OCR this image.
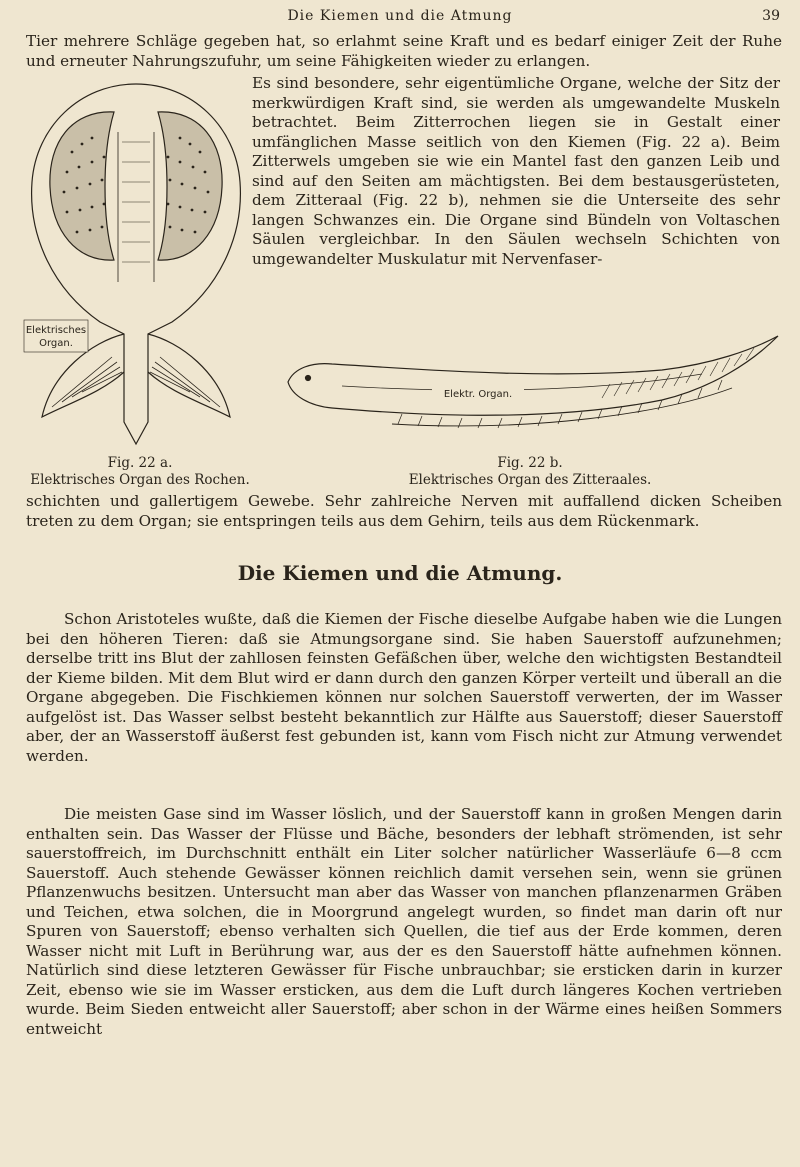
Die Kiemen und die Atmung	39

Tier mehrere Schläge gegeben hat, so erlahmt seine Kraft und es bedarf einiger Zeit der Ruhe und erneuter Nahrungszufuhr, um seine Fähigkeiten wieder zu erlangen.

Es sind besondere, sehr eigentümliche Organe, welche der Sitz der merkwürdigen Kraft sind, sie werden als umgewandelte Muskeln betrachtet. Beim Zitterrochen liegen sie in Gestalt einer umfänglichen Masse seitlich von den Kiemen (Fig. 22 a). Beim Zitterwels umgeben sie wie ein Mantel fast den ganzen Leib und sind auf den Seiten am mächtigsten. Bei dem bestausgerüsteten, dem Zitteraal (Fig. 22 b), nehmen sie die Unterseite des sehr langen Schwanzes ein. Die Organe sind Bündeln von Voltaschen Säulen vergleichbar. In den Säulen wechseln Schichten von umgewandelter Muskulatur mit Nervenfaser-

Elektrisches
Organ.
Elektr. Organ.
Fig. 22 a.
Elektrisches Organ des Rochen.
Fig. 22 b.
Elektrisches Organ des Zitteraales.

schichten und gallertigem Gewebe. Sehr zahlreiche Nerven mit auffallend dicken Scheiben treten zu dem Organ; sie entspringen teils aus dem Gehirn, teils aus dem Rückenmark.

Die Kiemen und die Atmung.

Schon Aristoteles wußte, daß die Kiemen der Fische dieselbe Aufgabe haben wie die Lungen bei den höheren Tieren: daß sie Atmungsorgane sind. Sie haben Sauerstoff aufzunehmen; derselbe tritt ins Blut der zahllosen feinsten Gefäßchen über, welche den wichtigsten Bestandteil der Kieme bilden. Mit dem Blut wird er dann durch den ganzen Körper verteilt und überall an die Organe abgegeben. Die Fischkiemen können nur solchen Sauerstoff verwerten, der im Wasser aufgelöst ist. Das Wasser selbst besteht bekanntlich zur Hälfte aus Sauerstoff; dieser Sauerstoff aber, der an Wasserstoff äußerst fest gebunden ist, kann vom Fisch nicht zur Atmung verwendet werden.

Die meisten Gase sind im Wasser löslich, und der Sauerstoff kann in großen Mengen darin enthalten sein. Das Wasser der Flüsse und Bäche, besonders der lebhaft strömenden, ist sehr sauerstoffreich, im Durchschnitt enthält ein Liter solcher natürlicher Wasserläufe 6—8 ccm Sauerstoff. Auch stehende Gewässer können reichlich damit versehen sein, wenn sie grünen Pflanzenwuchs besitzen. Untersucht man aber das Wasser von manchen pflanzenarmen Gräben und Teichen, etwa solchen, die in Moorgrund angelegt wurden, so findet man darin oft nur Spuren von Sauerstoff; ebenso verhalten sich Quellen, die tief aus der Erde kommen, deren Wasser nicht mit Luft in Berührung war, aus der es den Sauerstoff hätte aufnehmen können. Natürlich sind diese letzteren Gewässer für Fische unbrauchbar; sie ersticken darin in kurzer Zeit, ebenso wie sie im Wasser ersticken, aus dem die Luft durch längeres Kochen vertrieben wurde. Beim Sieden entweicht aller Sauerstoff; aber schon in der Wärme eines heißen Sommers entweicht
